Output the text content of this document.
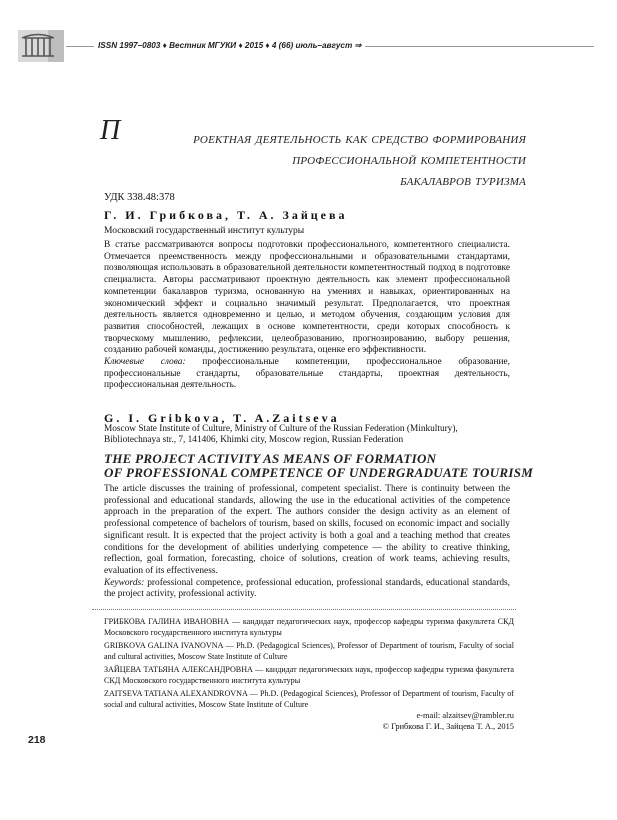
ISSN 1997–0803 ♦ Вестник МГУКИ ♦ 2015 ♦ 4 (66) июль–август ⇒
П	роектная деятельность как средство формирования
профессиональной компетентности
бакалавров туризма
УДК 338.48:378
Г. И. Грибкова, Т. А. Зайцева
Московский государственный институт культуры
В статье рассматриваются вопросы подготовки профессионального, компетентного специалиста. Отмечается преемственность между профессиональными и образовательными стандартами, позволяющая использовать в образовательной деятельности компетентностный подход в подготовке специалиста. Авторы рассматривают проектную деятельность как элемент профессиональной компетенции бакалавров туризма, основанную на умениях и навыках, ориентированных на экономический эффект и социально значимый результат. Предполагается, что проектная деятельность является одновременно и целью, и методом обучения, создающим условия для развития способностей, лежащих в основе компетентности, среди которых способность к творческому мышлению, рефлексии, целеобразованию, прогнозированию, выбору решения, созданию рабочей команды, достижению результата, оценке его эффективности.
Ключевые слова: профессиональные компетенции, профессиональное образование, профессиональные стандарты, образовательные стандарты, проектная деятельность, профессиональная деятельность.
G. I. Gribkova, T. A.Zaitseva
Moscow State Institute of Culture, Ministry of Culture of the Russian Federation (Minkultury),
Bibliotechnaya str., 7, 141406, Khimki city, Moscow region, Russian Federation
THE PROJECT ACTIVITY AS MEANS OF FORMATION
OF PROFESSIONAL COMPETENCE OF UNDERGRADUATE TOURISM
The article discusses the training of professional, competent specialist. There is continuity between the professional and educational standards, allowing the use in the educational activities of the competence approach in the preparation of the expert. The authors consider the design activity as an element of professional competence of bachelors of tourism, based on skills, focused on economic impact and socially significant result. It is expected that the project activity is both a goal and a teaching method that creates conditions for the development of abilities underlying competence — the ability to creative thinking, reflection, goal formation, forecasting, choice of solutions, creation of work teams, achieving results, evaluation of its effectiveness.
Keywords: professional competence, professional education, professional standards, educational standards, the project activity, professional activity.
ГРИБКОВА ГАЛИНА ИВАНОВНА — кандидат педагогических наук, профессор кафедры туризма факультета СКД Московского государственного института культуры
GRIBKOVA GALINA IVANOVNA — Ph.D. (Pedagogical Sciences), Professor of Department of tourism, Faculty of social and cultural activities, Moscow State Institute of Culture
ЗАЙЦЕВА ТАТЬЯНА АЛЕКСАНДРОВНА — кандидат педагогических наук, профессор кафедры туризма факультета СКД Московского государственного института культуры
ZAITSEVA TATIANA ALEXANDROVNA — Ph.D. (Pedagogical Sciences), Professor of Department of tourism, Faculty of social and cultural activities, Moscow State Institute of Culture
e-mail: alzaitsev@rambler.ru
© Грибкова Г. И., Зайцева Т. А., 2015
218
